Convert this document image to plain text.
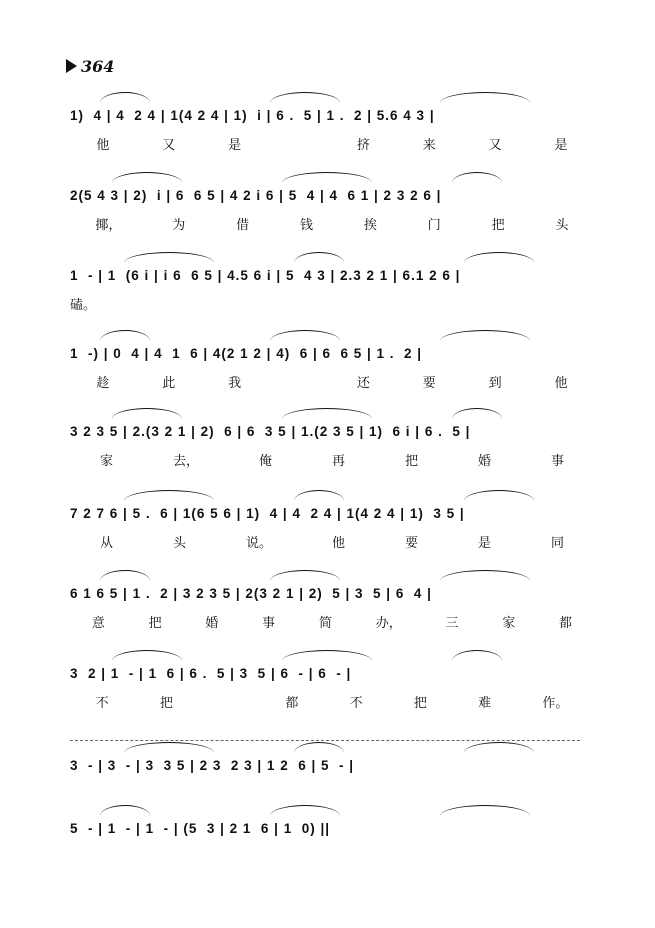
364
1)  4 | 4  2 4 | 1(4 2 4 | 1)  i | 6 .  5 | 1 .  2 | 5.6 4 3 |
他	又	是	挤	来	又	是
2(5 4 3 | 2)  i | 6  6 5 | 4 2 i 6 | 5  4 | 4  6 1 | 2 3 2 6 |
揶，	为	借	钱	挨	门	把	头
1  - | 1  (6 i | i 6  6 5 | 4.5 6 i | 5  4 3 | 2.3 2 1 | 6.1 2 6 |
磕。
1  -) | 0  4 | 4  1  6 | 4(2 1 2 | 4)  6 | 6  6 5 | 1 .  2 |
趁	此	我	还	要	到	他
3 2 3 5 | 2.(3 2 1 | 2)  6 | 6  3 5 | 1.(2 3 5 | 1)  6 i | 6 .  5 |
家	去，	俺	再	把	婚	事
7 2 7 6 | 5 .  6 | 1(6 5 6 | 1)  4 | 4  2 4 | 1(4 2 4 | 1)  3 5 |
从	头	说。	他	要	是	同
6 1 6 5 | 1 .  2 | 3 2 3 5 | 2(3 2 1 | 2)  5 | 3  5 | 6  4 |
意	把	婚	事	简	办，	三	家	都
3  2 | 1  - | 1  6 | 6 .  5 | 3  5 | 6  - | 6  - |
不	把	都	不	把	难	作。
3  - | 3  - | 3  3 5 | 2 3  2 3 | 1 2  6 | 5  - |
5  - | 1  - | 1  - | (5  3 | 2 1  6 | 1  0) ||
